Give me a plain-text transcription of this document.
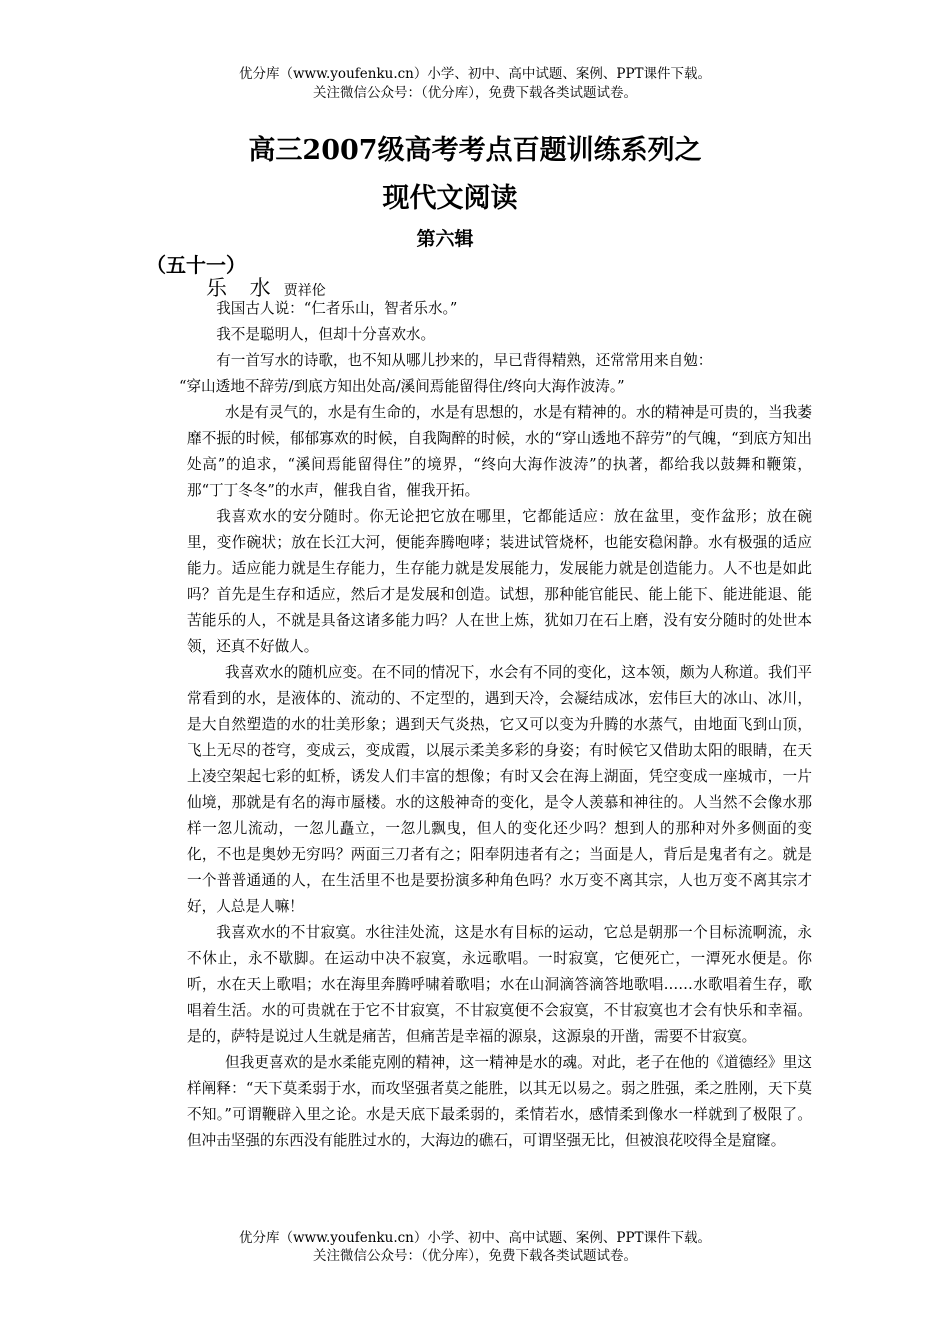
优分库（www.youfenku.cn）小学、初中、高中试题、案例、PPT课件下载。
关注微信公众号：（优分库），免费下载各类试题试卷。
高三2007级高考考点百题训练系列之
现代文阅读
第六辑
（五十一）
乐 水 贾祥伦

我国古人说：“仁者乐山，智者乐水。”

我不是聪明人，但却十分喜欢水。

有一首写水的诗歌，也不知从哪儿抄来的，早已背得精熟，还常常用来自勉：

“穿山透地不辞劳/到底方知出处高/溪间焉能留得住/终向大海作波涛。”

水是有灵气的，水是有生命的，水是有思想的，水是有精神的。水的精神是可贵的，当我萎靡不振的时候，郁郁寡欢的时候，自我陶醉的时候，水的“穿山透地不辞劳”的气魄，“到底方知出处高”的追求，“溪间焉能留得住”的境界，“终向大海作波涛”的执著，都给我以鼓舞和鞭策，那“丁丁冬冬”的水声，催我自省，催我开拓。

我喜欢水的安分随时。你无论把它放在哪里，它都能适应：放在盆里，变作盆形；放在碗里，变作碗状；放在长江大河，便能奔腾咆哮；装进试管烧杯，也能安稳闲静。水有极强的适应能力。适应能力就是生存能力，生存能力就是发展能力，发展能力就是创造能力。人不也是如此吗？首先是生存和适应，然后才是发展和创造。试想，那种能官能民、能上能下、能进能退、能苦能乐的人，不就是具备这诸多能力吗？人在世上炼，犹如刀在石上磨，没有安分随时的处世本领，还真不好做人。

我喜欢水的随机应变。在不同的情况下，水会有不同的变化，这本领，颇为人称道。我们平常看到的水，是液体的、流动的、不定型的，遇到天冷，会凝结成冰，宏伟巨大的冰山、冰川，是大自然塑造的水的壮美形象；遇到天气炎热，它又可以变为升腾的水蒸气，由地面飞到山顶，飞上无尽的苍穹，变成云，变成霞，以展示柔美多彩的身姿；有时候它又借助太阳的眼睛，在天上凌空架起七彩的虹桥，诱发人们丰富的想像；有时又会在海上湖面，凭空变成一座城市，一片仙境，那就是有名的海市蜃楼。水的这般神奇的变化，是令人羡慕和神往的。人当然不会像水那样一忽儿流动，一忽儿矗立，一忽儿飘曳，但人的变化还少吗？想到人的那种对外多侧面的变化，不也是奥妙无穷吗？两面三刀者有之；阳奉阴违者有之；当面是人，背后是鬼者有之。就是一个普普通通的人，在生活里不也是要扮演多种角色吗？水万变不离其宗，人也万变不离其宗才好，人总是人嘛！

我喜欢水的不甘寂寞。水往洼处流，这是水有目标的运动，它总是朝那一个目标流啊流，永不休止，永不歇脚。在运动中决不寂寞，永远歌唱。一时寂寞，它便死亡，一潭死水便是。你听，水在天上歌唱；水在海里奔腾呼啸着歌唱；水在山洞滴答滴答地歌唱……水歌唱着生存，歌唱着生活。水的可贵就在于它不甘寂寞，不甘寂寞便不会寂寞，不甘寂寞也才会有快乐和幸福。是的，萨特是说过人生就是痛苦，但痛苦是幸福的源泉，这源泉的开凿，需要不甘寂寞。

但我更喜欢的是水柔能克刚的精神，这一精神是水的魂。对此，老子在他的《道德经》里这样阐释：“天下莫柔弱于水，而攻坚强者莫之能胜，以其无以易之。弱之胜强，柔之胜刚，天下莫不知。”可谓鞭辟入里之论。水是天底下最柔弱的，柔情若水，感情柔到像水一样就到了极限了。但冲击坚强的东西没有能胜过水的，大海边的礁石，可谓坚强无比，但被浪花咬得全是窟窿。

优分库（www.youfenku.cn）小学、初中、高中试题、案例、PPT课件下载。
关注微信公众号：（优分库），免费下载各类试题试卷。
